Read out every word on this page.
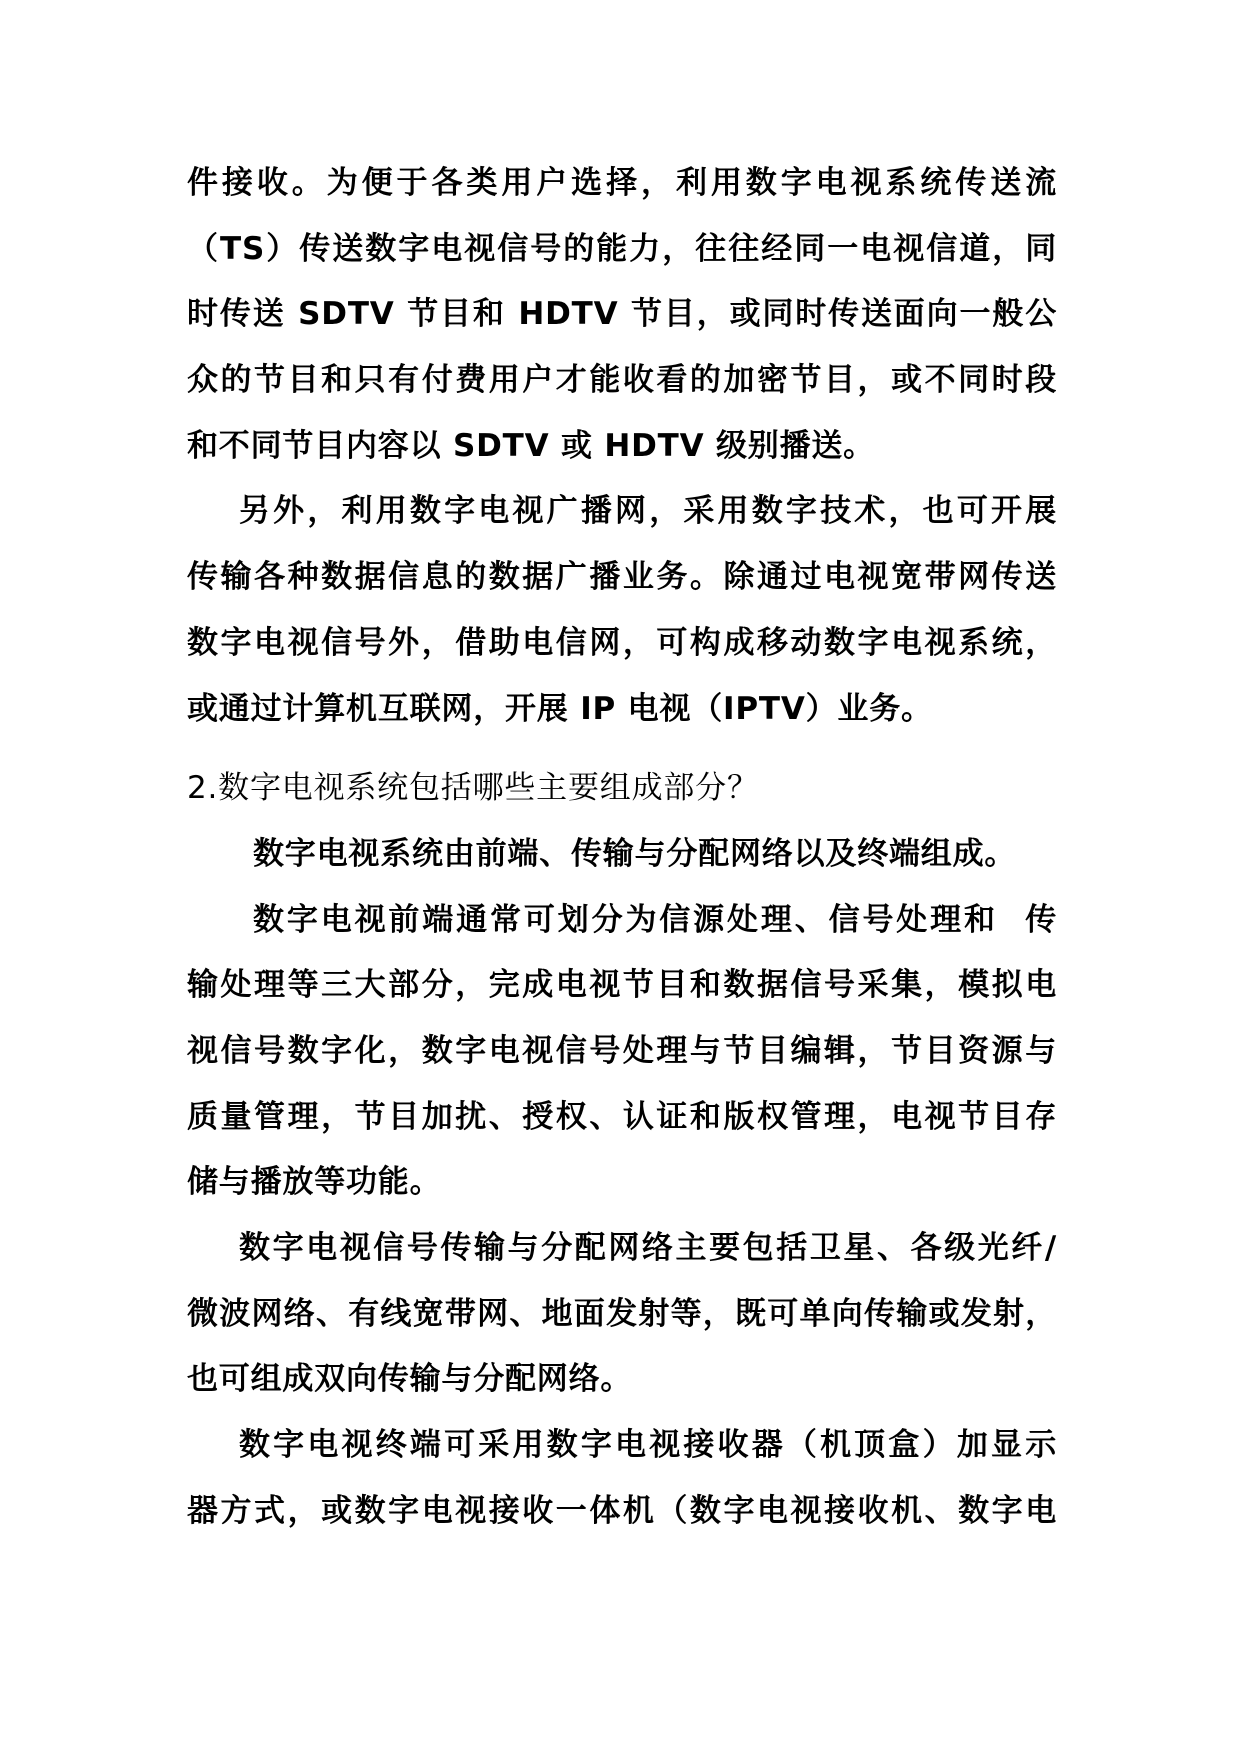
件接收。为便于各类用户选择，利用数字电视系统传送流
（TS）传送数字电视信号的能力，往往经同一电视信道，同
时传送 SDTV 节目和 HDTV 节目，或同时传送面向一般公
众的节目和只有付费用户才能收看的加密节目，或不同时段
和不同节目内容以 SDTV 或 HDTV 级别播送。
另外，利用数字电视广播网，采用数字技术，也可开展
传输各种数据信息的数据广播业务。除通过电视宽带网传送
数字电视信号外，借助电信网，可构成移动数字电视系统，
或通过计算机互联网，开展 IP 电视（IPTV）业务。
2.数字电视系统包括哪些主要组成部分？
数字电视系统由前端、传输与分配网络以及终端组成。
数字电视前端通常可划分为信源处理、信号处理和  传
输处理等三大部分，完成电视节目和数据信号采集，模拟电
视信号数字化，数字电视信号处理与节目编辑，节目资源与
质量管理，节目加扰、授权、认证和版权管理，电视节目存
储与播放等功能。
数字电视信号传输与分配网络主要包括卫星、各级光纤/
微波网络、有线宽带网、地面发射等，既可单向传输或发射，
也可组成双向传输与分配网络。
数字电视终端可采用数字电视接收器（机顶盒）加显示
器方式，或数字电视接收一体机（数字电视接收机、数字电
